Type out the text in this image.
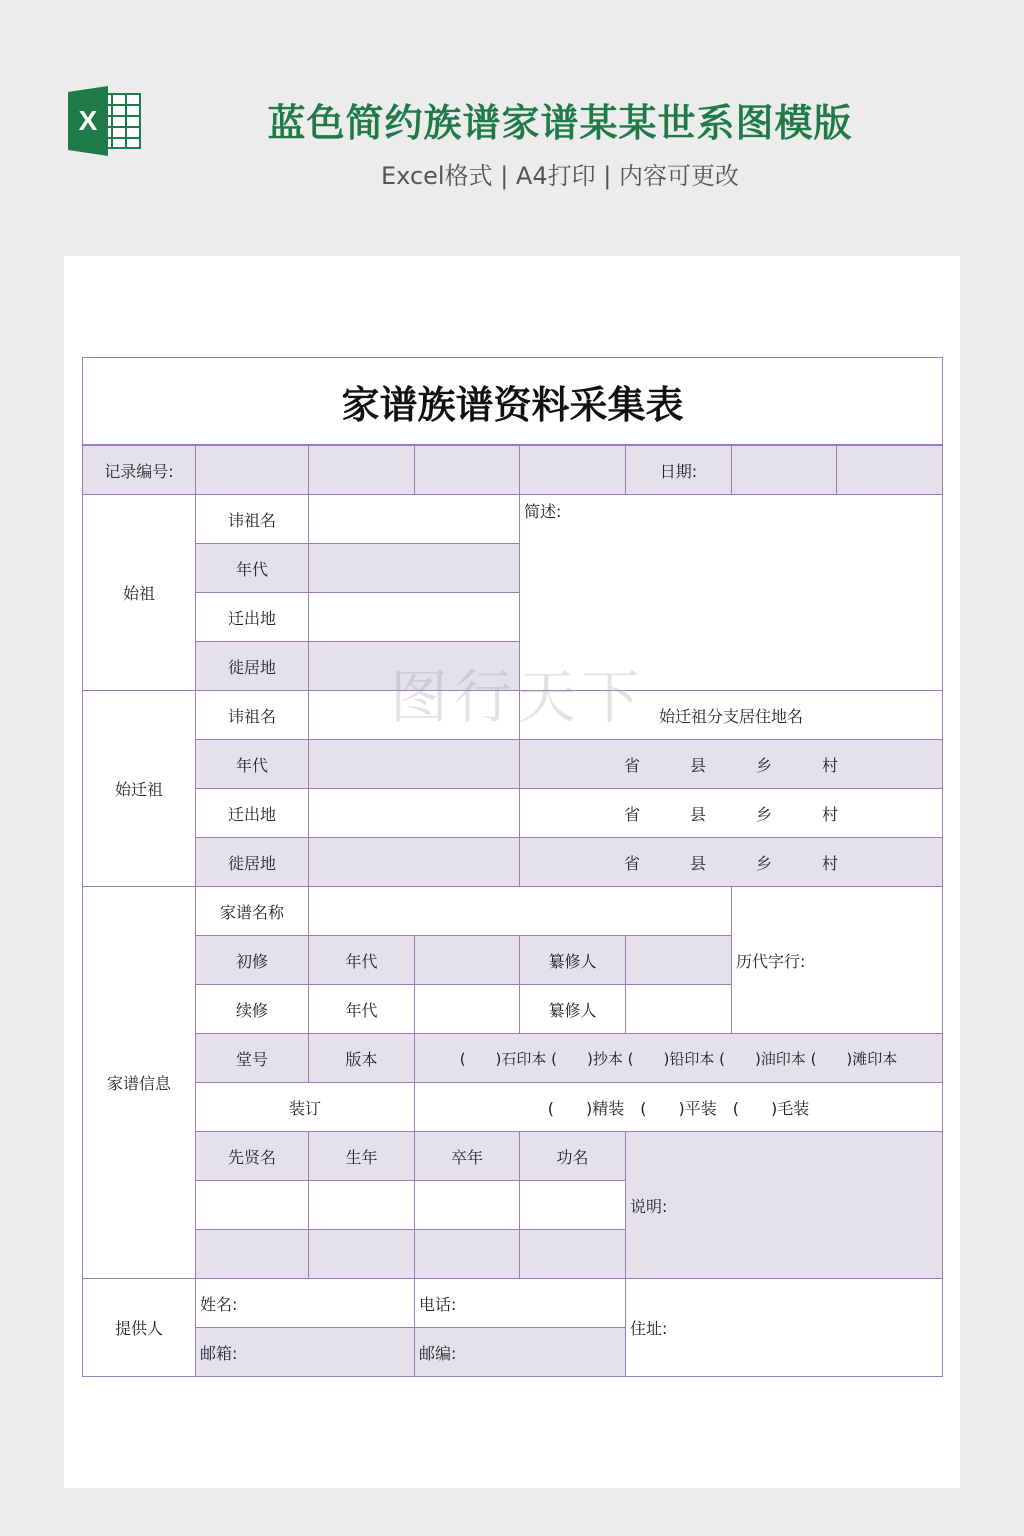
X	蓝色简约族谱家谱某某世系图模版
Excel格式 | A4打印 | 内容可更改
家谱族谱资料采集表							
记录编号:					日期:		
始祖	讳祖名			简述:			
	年代						
	迁出地						
	徙居地						
始迁祖	讳祖名			始迁祖分支居住地名			
	年代			省 县 乡 村			
	迁出地			省 县 乡 村			
	徙居地			省 县 乡 村			
家谱信息	家谱名称					历代字行:	
	初修	年代		纂修人			
	续修	年代		纂修人			
	堂号	版本	(　　)石印本 (　　)抄本 (　　)铅印本 (　　)油印本 (　　)滩印本				
	装订		(　　)精装　(　　)平装　(　　)毛装				
	先贤名	生年	卒年	功名	说明:		

提供人	姓名:		电话:		住址:		
	邮箱:		邮编:				
图行天下
